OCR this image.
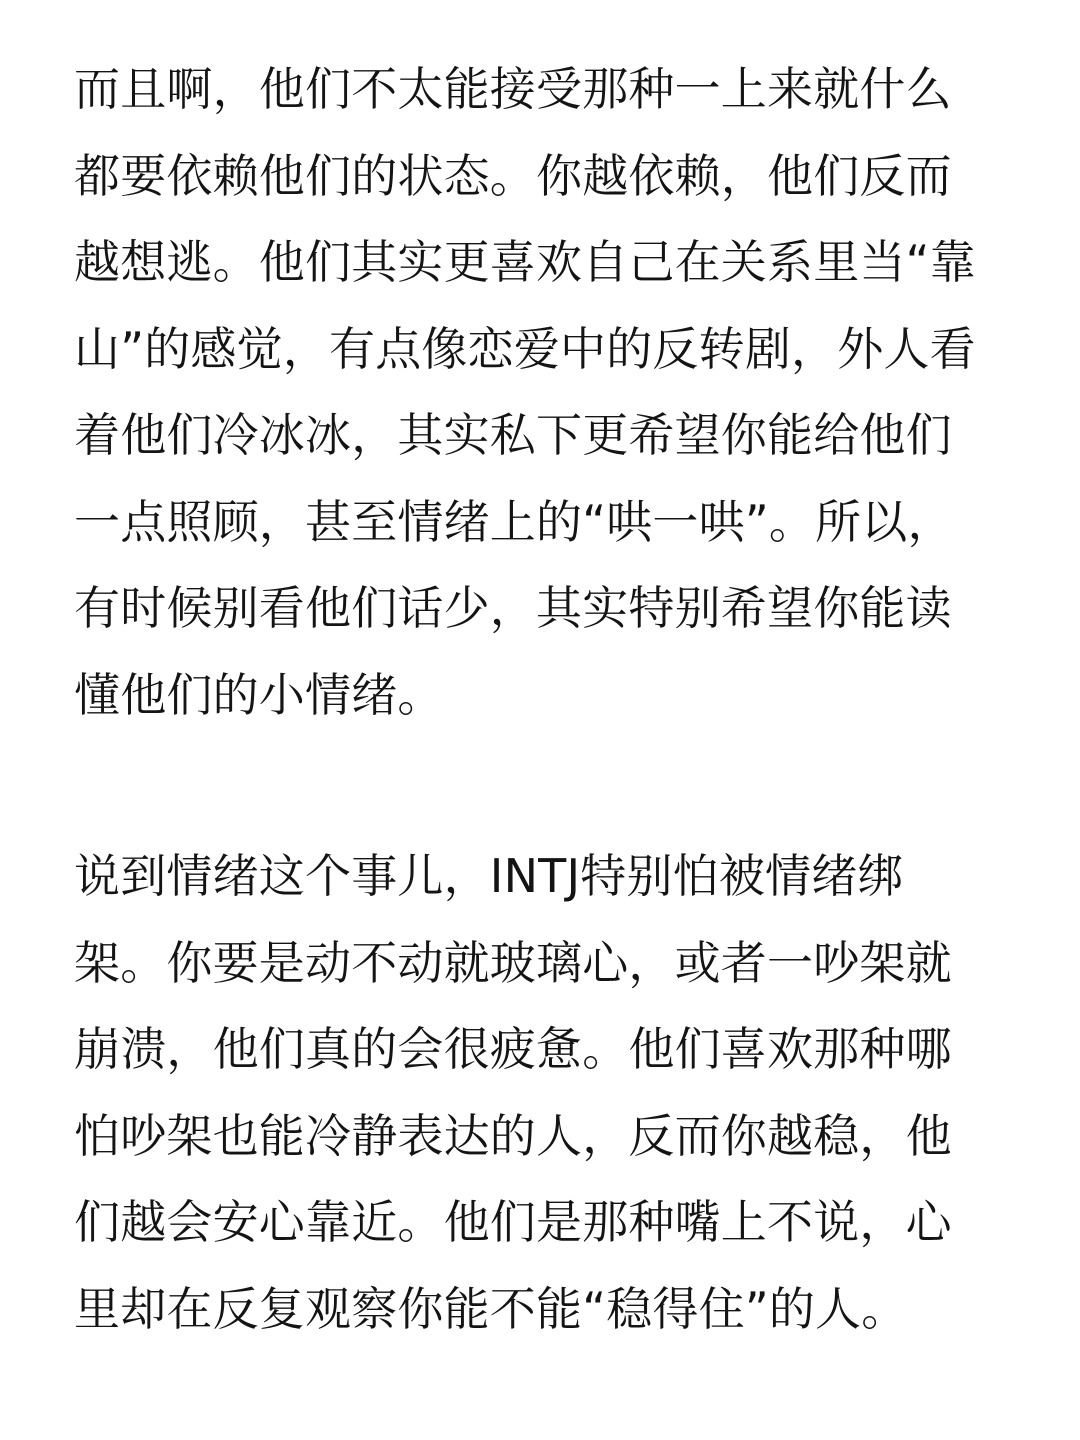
而且啊，他们不太能接受那种一上来就什么
都要依赖他们的状态。你越依赖，他们反而
越想逃。他们其实更喜欢自己在关系里当“靠
山”的感觉，有点像恋爱中的反转剧，外人看
着他们冷冰冰，其实私下更希望你能给他们
一点照顾，甚至情绪上的“哄一哄”。所以，
有时候别看他们话少，其实特别希望你能读
懂他们的小情绪。
说到情绪这个事儿，INTJ特别怕被情绪绑
架。你要是动不动就玻璃心，或者一吵架就
崩溃，他们真的会很疲惫。他们喜欢那种哪
怕吵架也能冷静表达的人，反而你越稳，他
们越会安心靠近。他们是那种嘴上不说，心
里却在反复观察你能不能“稳得住”的人。
